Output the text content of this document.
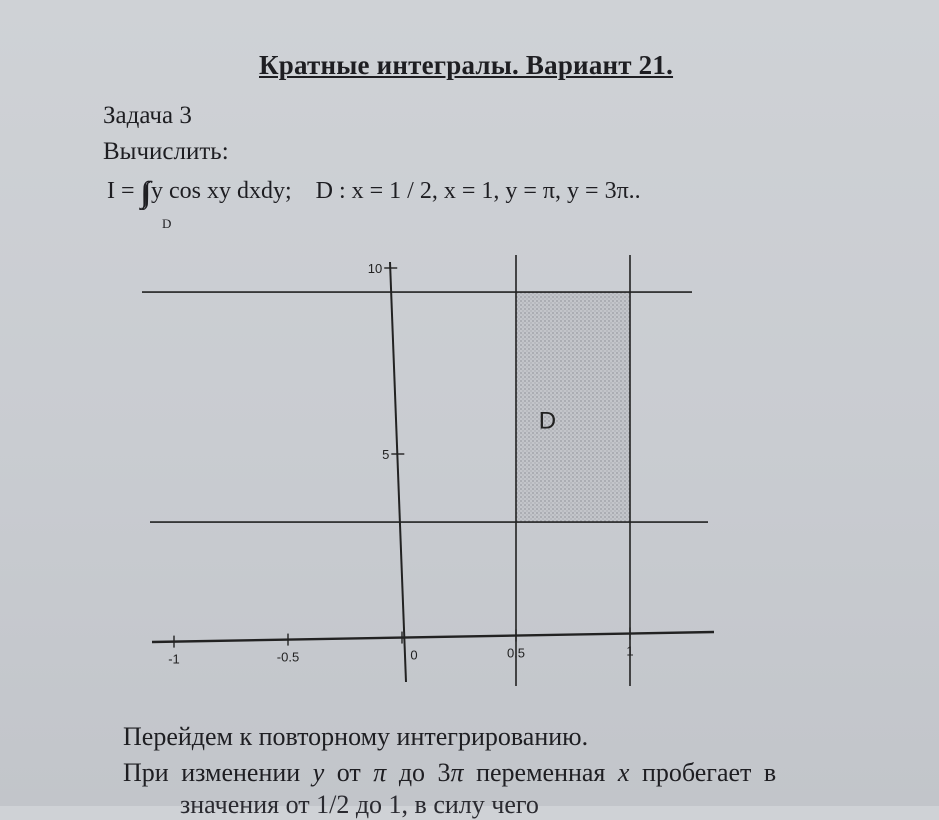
Кратные интегралы. Вариант 21.
Задача 3
Вычислить:
I = ∫∫ y cos xy dxdy; D : x = 1 / 2, x = 1, y = π, y = 3π..
D
10
5
-1	-0.5	0	0.5	1
D
Перейдем к повторному интегрированию.
При изменении y от π до 3π переменная x пробегает в
значения от 1/2 до 1, в силу чего
